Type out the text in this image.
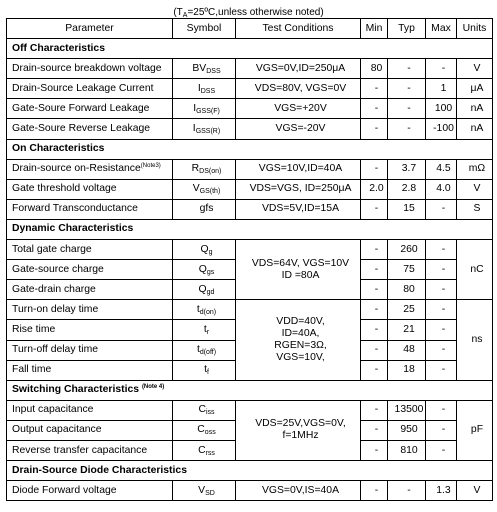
($T_A=25ºC,unless$ otherwise noted)
Parameter	Symbol	Test Conditions	Min	Typ	Max	Units
Off Characteristics						
Drain-source breakdown voltage	$BV_{DSS}$	VGS=0V,ID=250μA	80	-	-	V
Drain-Source Leakage Current	$I_{DSS}$	VDS=80V, VGS=0V	-	-	1	μA
Gate-Soure Forward Leakage	$I_{GSS(F)}$	VGS=+20V	-	-	100	nA
Gate-Soure Reverse Leakage	$I_{GSS(R)}$	VGS=-20V	-	-	-100	nA
On Characteristics						
Drain-source on-Resistance$^{(Note3)}$	$R_{DS(on)}$	VGS=10V,ID=40A	-	3.7	4.5	mΩ
Gate threshold voltage	$V_{GS(th)}$	VDS=VGS, ID=250μA	2.0	2.8	4.0	V
Forward Transconductance	gfs	VDS=5V,ID=15A	-	15	-	S
Dynamic Characteristics						
Total gate charge	$Q_g$	VDS=64V, VGS=10V
ID =80A	-	260	-	nC
Gate-source charge	$Q_{gs}$		-	75	-	
Gate-drain charge	$Q_{gd}$		-	80	-	
Turn-on delay time	$t_{d(on)}$	VDD=40V,
ID=40A,
RGEN=3Ω,
VGS=10V,	-	25	-	ns
Rise time	$t_r$		-	21	-	
Turn-off delay time	$t_{d(off)}$		-	48	-	
Fall time	$t_f$		-	18	-	
Switching Characteristics $^{(Note 4)}$
Input capacitance	$C_{iss}$	VDS=25V,VGS=0V,
f=1MHz	-	13500	-	pF
Output capacitance	$C_{oss}$		-	950	-	
Reverse transfer capacitance	$C_{rss}$		-	810	-	
Drain-Source Diode Characteristics						
Diode Forward voltage	$V_{SD}$	VGS=0V,IS=40A	-	-	1.3	V
